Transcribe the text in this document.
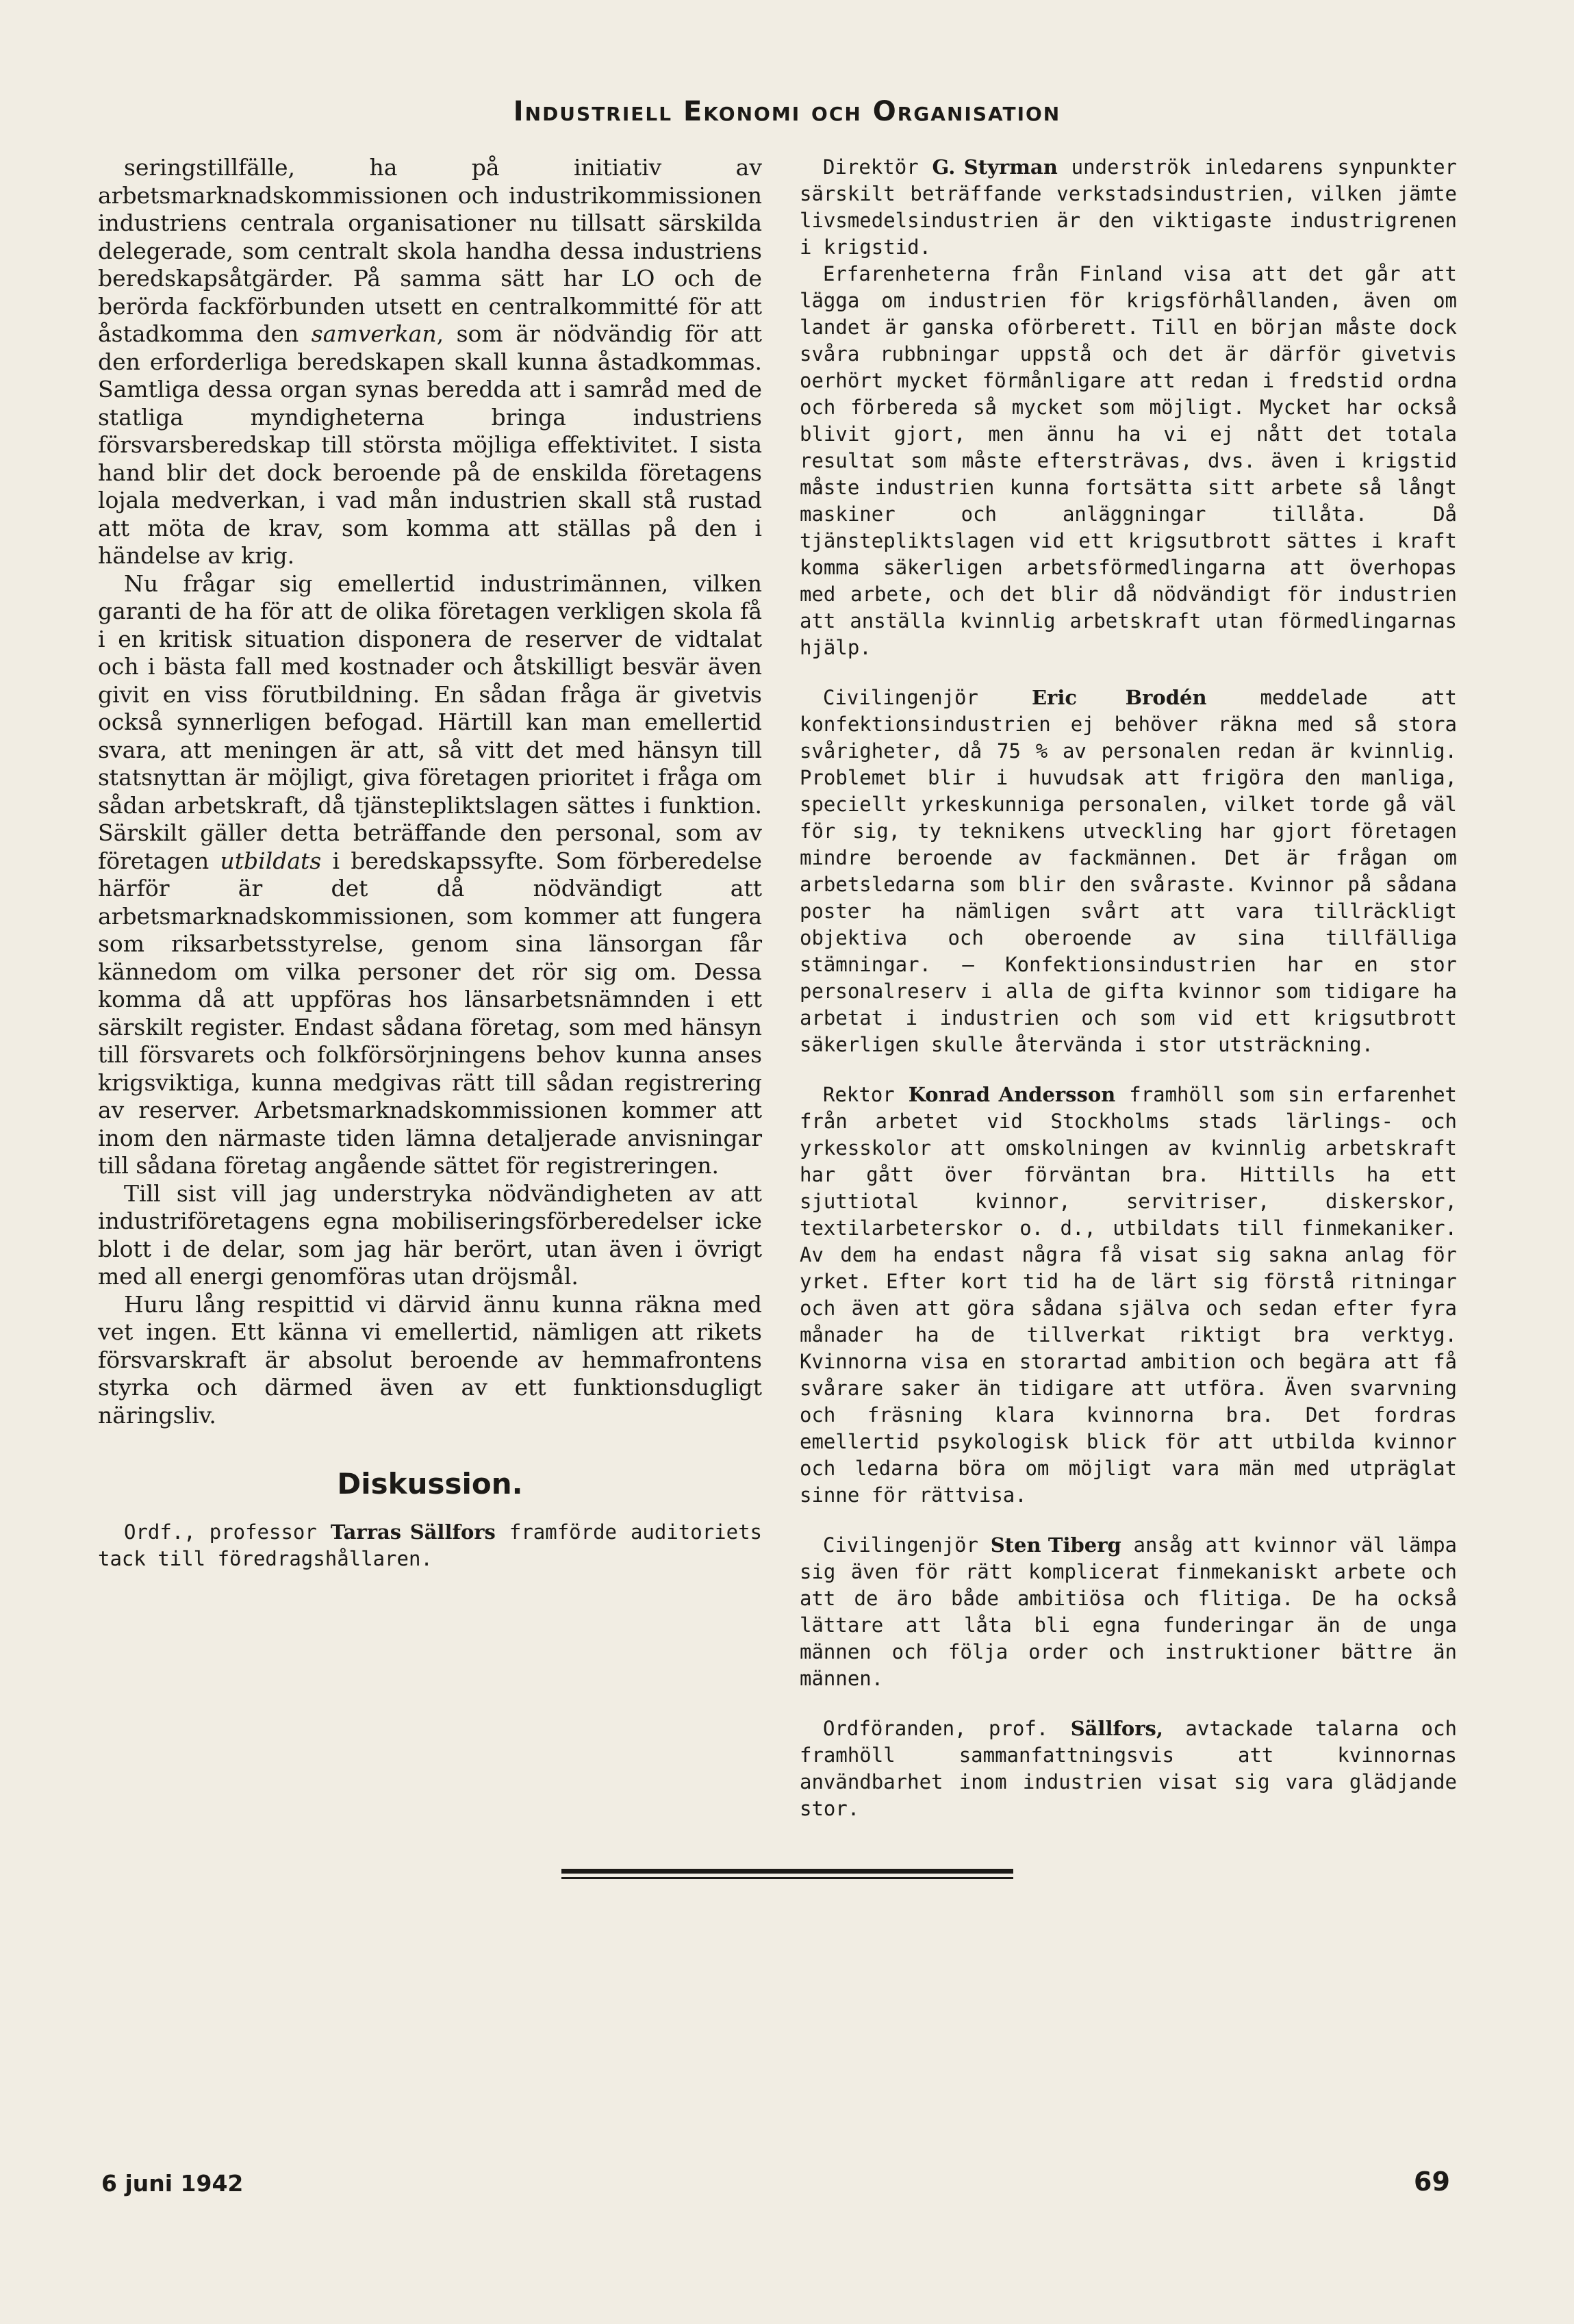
Industriell Ekonomi och Organisation

seringstillfälle, ha på initiativ av arbetsmarknadskommissionen och industrikommissionen industriens centrala organisationer nu tillsatt särskilda delegerade, som centralt skola handha dessa industriens beredskapsåtgärder. På samma sätt har LO och de berörda fackförbunden utsett en centralkommitté för att åstadkomma den samverkan, som är nödvändig för att den erforderliga beredskapen skall kunna åstadkommas. Samtliga dessa organ synas beredda att i samråd med de statliga myndigheterna bringa industriens försvarsberedskap till största möjliga effektivitet. I sista hand blir det dock beroende på de enskilda företagens lojala medverkan, i vad mån industrien skall stå rustad att möta de krav, som komma att ställas på den i händelse av krig.

Nu frågar sig emellertid industrimännen, vilken garanti de ha för att de olika företagen verkligen skola få i en kritisk situation disponera de reserver de vidtalat och i bästa fall med kostnader och åtskilligt besvär även givit en viss förutbildning. En sådan fråga är givetvis också synnerligen befogad. Härtill kan man emellertid svara, att meningen är att, så vitt det med hänsyn till statsnyttan är möjligt, giva företagen prioritet i fråga om sådan arbetskraft, då tjänstepliktslagen sättes i funktion. Särskilt gäller detta beträffande den personal, som av företagen utbildats i beredskapssyfte. Som förberedelse härför är det då nödvändigt att arbetsmarknadskommissionen, som kommer att fungera som riksarbetsstyrelse, genom sina länsorgan får kännedom om vilka personer det rör sig om. Dessa komma då att uppföras hos länsarbetsnämnden i ett särskilt register. Endast sådana företag, som med hänsyn till försvarets och folkförsörjningens behov kunna anses krigsviktiga, kunna medgivas rätt till sådan registrering av reserver. Arbetsmarknadskommissionen kommer att inom den närmaste tiden lämna detaljerade anvisningar till sådana företag angående sättet för registreringen.

Till sist vill jag understryka nödvändigheten av att industriföretagens egna mobiliseringsförberedelser icke blott i de delar, som jag här berört, utan även i övrigt med all energi genomföras utan dröjsmål.

Huru lång respittid vi därvid ännu kunna räkna med vet ingen. Ett känna vi emellertid, nämligen att rikets försvarskraft är absolut beroende av hemmafrontens styrka och därmed även av ett funktionsdugligt näringsliv.

Diskussion.

Ordf., professor Tarras Sällfors framförde auditoriets tack till föredragshållaren.

Direktör G. Styrman underströk inledarens synpunkter särskilt beträffande verkstadsindustrien, vilken jämte livsmedelsindustrien är den viktigaste industrigrenen i krigstid.

Erfarenheterna från Finland visa att det går att lägga om industrien för krigsförhållanden, även om landet är ganska oförberett. Till en början måste dock svåra rubbningar uppstå och det är därför givetvis oerhört mycket förmånligare att redan i fredstid ordna och förbereda så mycket som möjligt. Mycket har också blivit gjort, men ännu ha vi ej nått det totala resultat som måste eftersträvas, dvs. även i krigstid måste industrien kunna fortsätta sitt arbete så långt maskiner och anläggningar tillåta. Då tjänstepliktslagen vid ett krigsutbrott sättes i kraft komma säkerligen arbetsförmedlingarna att överhopas med arbete, och det blir då nödvändigt för industrien att anställa kvinnlig arbetskraft utan förmedlingarnas hjälp.

Civilingenjör Eric Brodén meddelade att konfektionsindustrien ej behöver räkna med så stora svårigheter, då 75 % av personalen redan är kvinnlig. Problemet blir i huvudsak att frigöra den manliga, speciellt yrkeskunniga personalen, vilket torde gå väl för sig, ty teknikens utveckling har gjort företagen mindre beroende av fackmännen. Det är frågan om arbetsledarna som blir den svåraste. Kvinnor på sådana poster ha nämligen svårt att vara tillräckligt objektiva och oberoende av sina tillfälliga stämningar. — Konfektionsindustrien har en stor personalreserv i alla de gifta kvinnor som tidigare ha arbetat i industrien och som vid ett krigsutbrott säkerligen skulle återvända i stor utsträckning.

Rektor Konrad Andersson framhöll som sin erfarenhet från arbetet vid Stockholms stads lärlings- och yrkesskolor att omskolningen av kvinnlig arbetskraft har gått över förväntan bra. Hittills ha ett sjuttiotal kvinnor, servitriser, diskerskor, textilarbeterskor o. d., utbildats till finmekaniker. Av dem ha endast några få visat sig sakna anlag för yrket. Efter kort tid ha de lärt sig förstå ritningar och även att göra sådana själva och sedan efter fyra månader ha de tillverkat riktigt bra verktyg. Kvinnorna visa en storartad ambition och begära att få svårare saker än tidigare att utföra. Även svarvning och fräsning klara kvinnorna bra. Det fordras emellertid psykologisk blick för att utbilda kvinnor och ledarna böra om möjligt vara män med utpräglat sinne för rättvisa.

Civilingenjör Sten Tiberg ansåg att kvinnor väl lämpa sig även för rätt komplicerat finmekaniskt arbete och att de äro både ambitiösa och flitiga. De ha också lättare att låta bli egna funderingar än de unga männen och följa order och instruktioner bättre än männen.

Ordföranden, prof. Sällfors, avtackade talarna och framhöll sammanfattningsvis att kvinnornas användbarhet inom industrien visat sig vara glädjande stor.

6 juni 1942	69
